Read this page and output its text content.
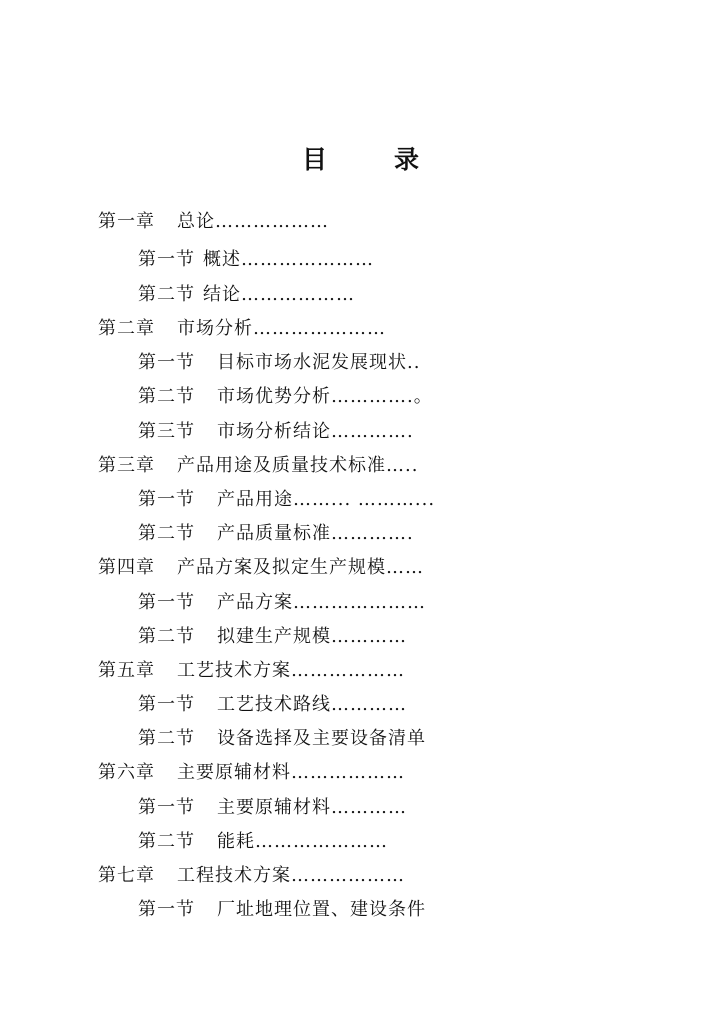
目	录
第一章 总论………………
第一节 概述…………………
第二节 结论………………
第二章 市场分析…………………
第一节 目标市场水泥发展现状..
第二节 市场优势分析………….。
第三节 市场分析结论………….
第三章 产品用途及质量技术标准…..
第一节 产品用途……... ………...
第二节 产品质量标准………….
第四章 产品方案及拟定生产规模……
第一节 产品方案…………………
第二节 拟建生产规模…………
第五章 工艺技术方案………………
第一节 工艺技术路线…………
第二节 设备选择及主要设备清单
第六章 主要原辅材料………………
第一节 主要原辅材料…………
第二节 能耗…………………
第七章 工程技术方案………………
第一节 厂址地理位置、建设条件
